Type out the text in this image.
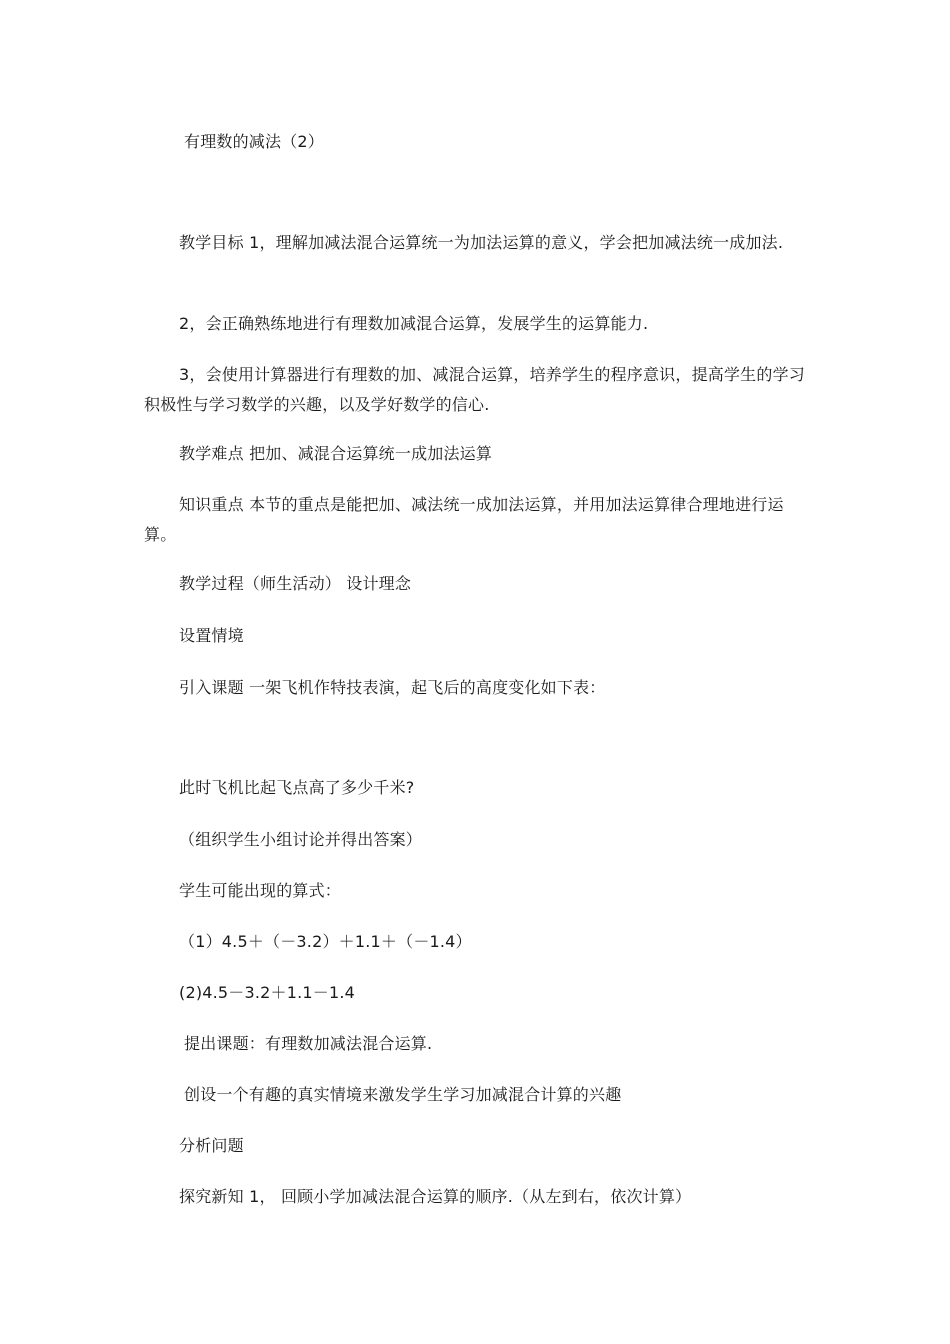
有理数的减法（2）
教学目标 1，理解加减法混合运算统一为加法运算的意义，学会把加减法统一成加法.
2，会正确熟练地进行有理数加减混合运算，发展学生的运算能力.
3，会使用计算器进行有理数的加、减混合运算，培养学生的程序意识，提高学生的学习积极性与学习数学的兴趣，以及学好数学的信心.
教学难点 把加、减混合运算统一成加法运算
知识重点 本节的重点是能把加、减法统一成加法运算，并用加法运算律合理地进行运算。
教学过程（师生活动） 设计理念
设置情境
引入课题 一架飞机作特技表演，起飞后的高度变化如下表：
此时飞机比起飞点高了多少千米?
（组织学生小组讨论并得出答案）
学生可能出现的算式：
（1）4.5＋（－3.2）＋1.1＋（－1.4）
(2)4.5－3.2＋1.1－1.4
提出课题：有理数加减法混合运算.
创设一个有趣的真实情境来激发学生学习加减混合计算的兴趣
分析问题
探究新知 1， 回顾小学加减法混合运算的顺序.（从左到右，依次计算）
